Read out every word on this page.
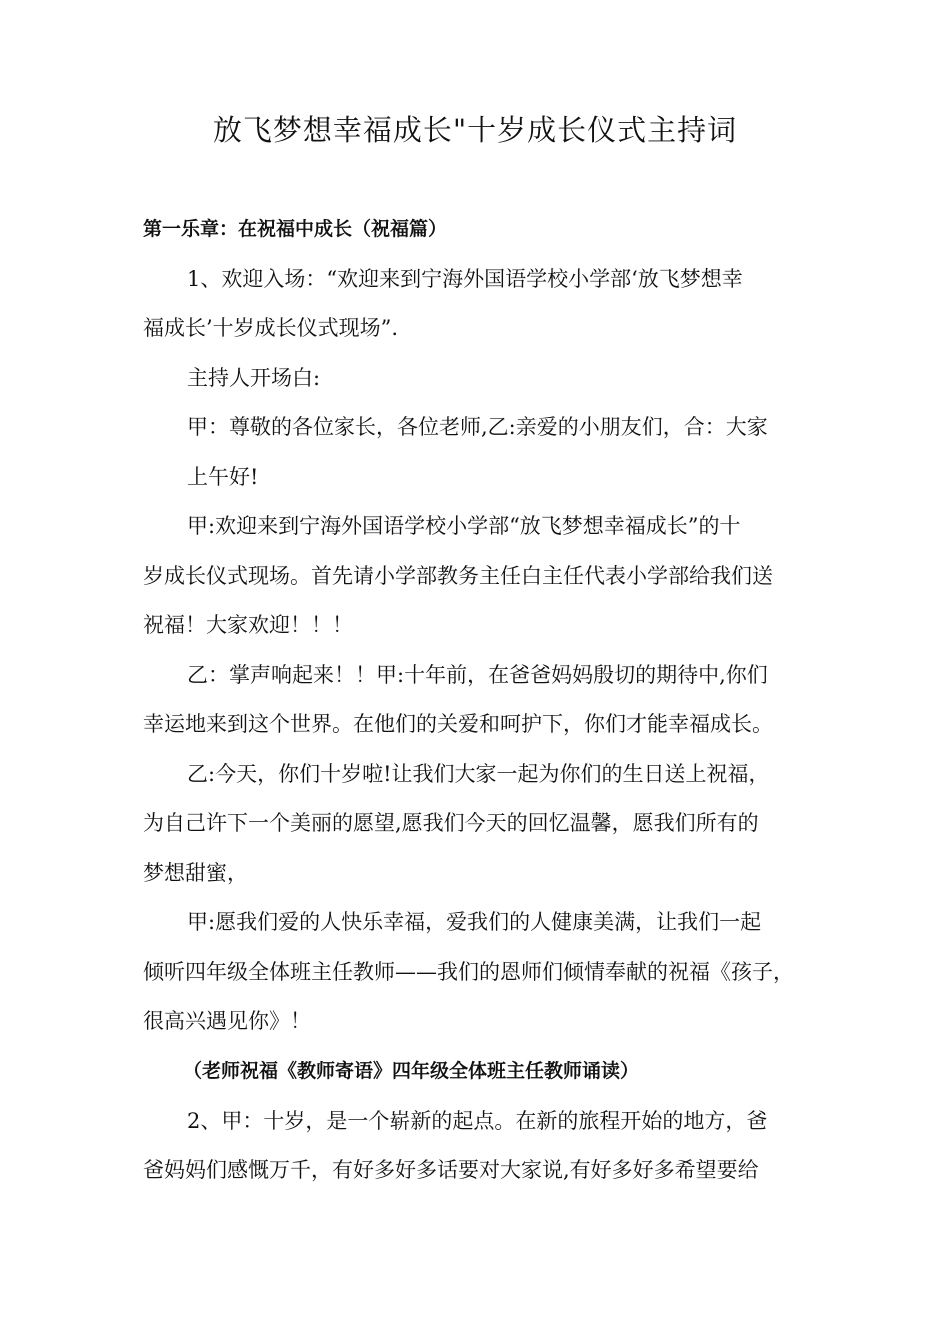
放飞梦想幸福成长"十岁成长仪式主持词
第一乐章：在祝福中成长（祝福篇）
1、欢迎入场：“欢迎来到宁海外国语学校小学部‘放飞梦想幸
福成长’十岁成长仪式现场”.
主持人开场白:
甲：尊敬的各位家长，各位老师,乙:亲爱的小朋友们，合：大家
上午好!
甲:欢迎来到宁海外国语学校小学部“放飞梦想幸福成长”的十
岁成长仪式现场。首先请小学部教务主任白主任代表小学部给我们送
祝福！大家欢迎！！！
乙：掌声响起来！！甲:十年前，在爸爸妈妈殷切的期待中,你们
幸运地来到这个世界。在他们的关爱和呵护下，你们才能幸福成长。
乙:今天，你们十岁啦!让我们大家一起为你们的生日送上祝福，
为自己许下一个美丽的愿望,愿我们今天的回忆温馨，愿我们所有的
梦想甜蜜，
甲:愿我们爱的人快乐幸福，爱我们的人健康美满，让我们一起
倾听四年级全体班主任教师——我们的恩师们倾情奉献的祝福《孩子，
很高兴遇见你》！
（老师祝福《教师寄语》四年级全体班主任教师诵读）
2、甲：十岁，是一个崭新的起点。在新的旅程开始的地方，爸
爸妈妈们感慨万千，有好多好多话要对大家说,有好多好多希望要给
